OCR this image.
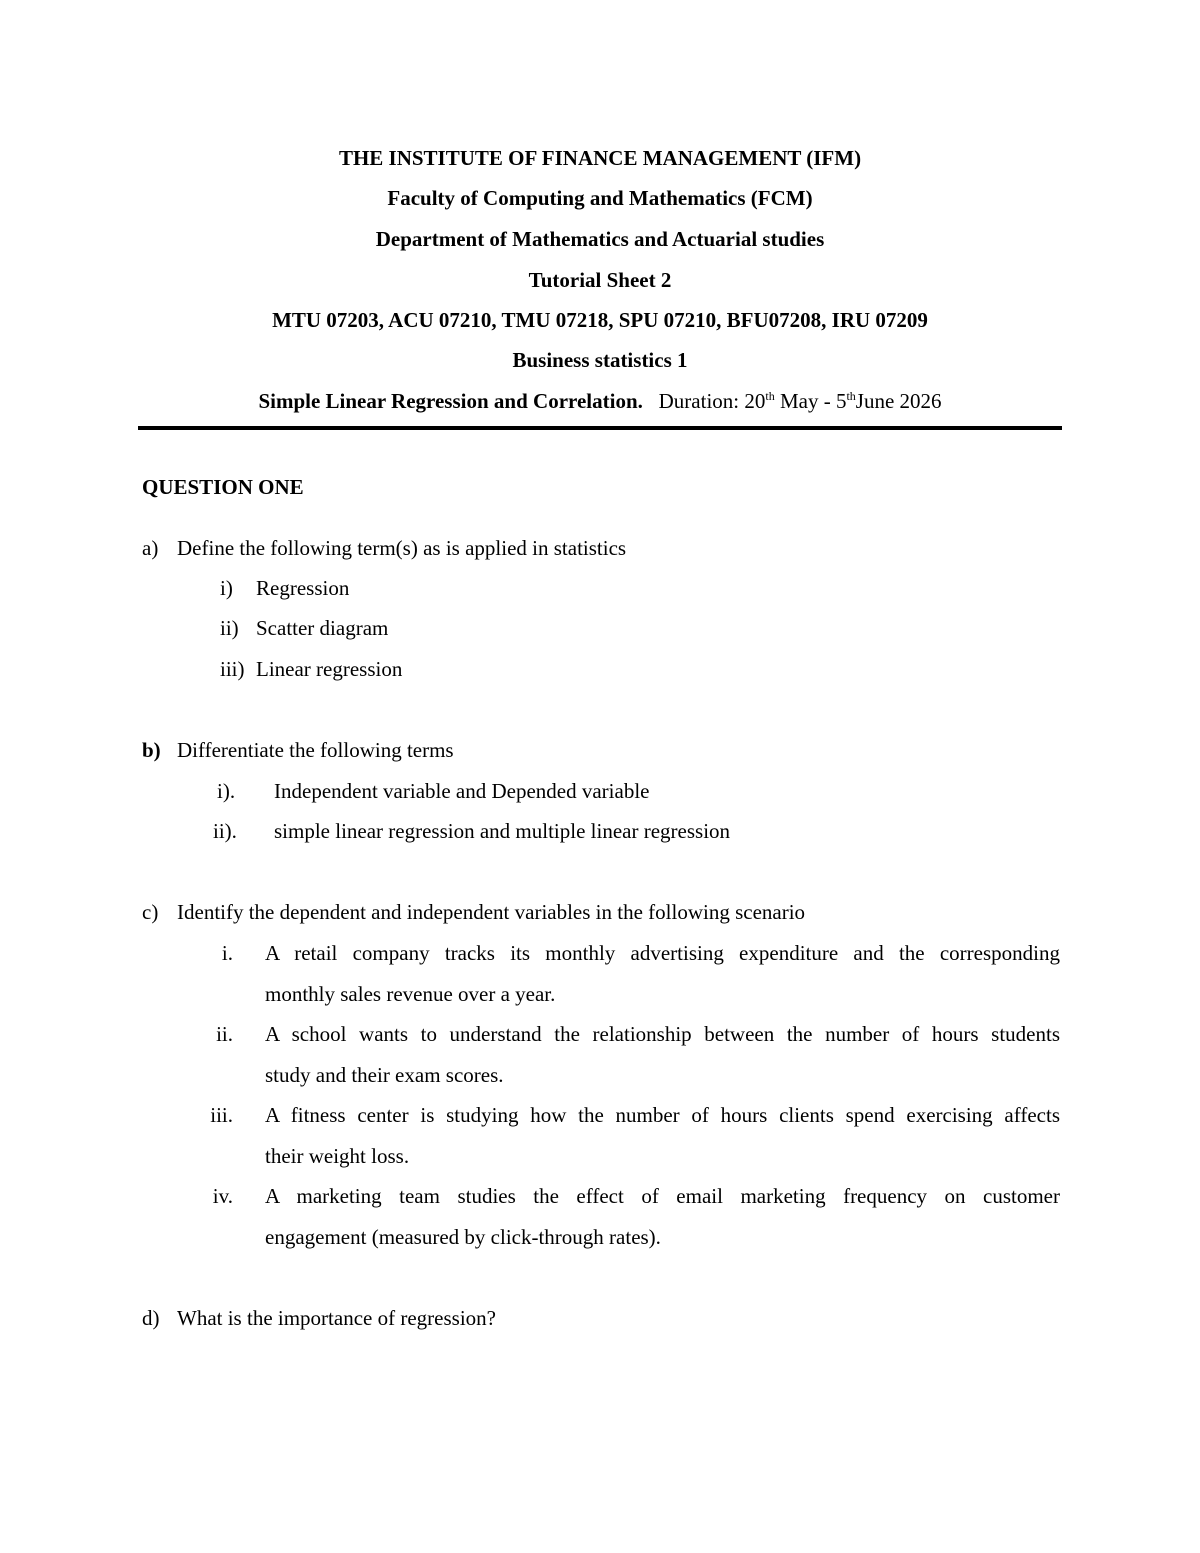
THE INSTITUTE OF FINANCE MANAGEMENT (IFM)
Faculty of Computing and Mathematics (FCM)
Department of Mathematics and Actuarial studies
Tutorial Sheet 2
MTU 07203, ACU 07210, TMU 07218, SPU 07210, BFU07208, IRU 07209
Business statistics 1
Simple Linear Regression and Correlation. Duration: 20th May - 5thJune 2026
QUESTION ONE
a) Define the following term(s) as is applied in statistics
i) Regression
ii) Scatter diagram
iii) Linear regression
b) Differentiate the following terms
i). Independent variable and Depended variable
ii). simple linear regression and multiple linear regression
c) Identify the dependent and independent variables in the following scenario
i. A retail company tracks its monthly advertising expenditure and the corresponding
monthly sales revenue over a year.
ii. A school wants to understand the relationship between the number of hours students
study and their exam scores.
iii. A fitness center is studying how the number of hours clients spend exercising affects
their weight loss.
iv. A marketing team studies the effect of email marketing frequency on customer
engagement (measured by click-through rates).
d) What is the importance of regression?
